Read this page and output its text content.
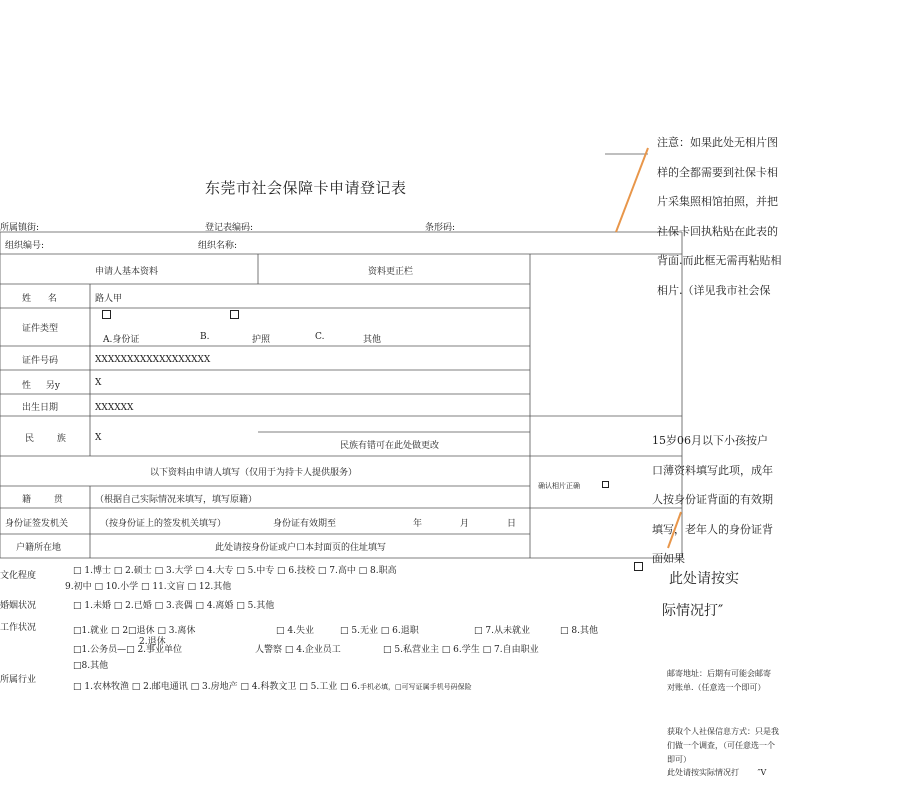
东莞市社会保障卡申请登记表
所属镇街:	登记表编码:	条形码:
组织编号:	组织名称:
申请人基本资料	资料更正栏
姓 名	路人甲
证件类型
A.身份证	B.	护照	C.	其他
证件号码	XXXXXXXXXXXXXXXXXX
性 另y	X
出生日期	XXXXXX
民 族	X
民族有错可在此处做更改
以下资料由申请人填写（仅用于为持卡人提供服务）
确认相片正确
籍 贯	（根据自己实际情况来填写，填写原籍）
身份证签发机关	（按身份证上的签发机关填写）	身份证有效期至	年	月	日
户籍所在地	此处请按身份证或户口本封面页的住址填写
文化程度	□ 1.博士 □ 2.硕士 □ 3.大学 □ 4.大专 □ 5.中专 □ 6.技校 □ 7.高中 □ 8.职高
9.初中 □ 10.小学 □ 11.文盲 □ 12.其他
婚姻状况	□ 1.未婚 □ 2.已婚 □ 3.丧偶 □ 4.离婚 □ 5.其他
工作状况	□1.就业 □ 2□退休 □ 3.离休	□ 4.失业	□ 5.无业 □ 6.退职	□ 7.从未就业	□ 8.其他
2.退休
□1.公务员—□ 2.事业单位	人警察 □ 4.企业员工	□ 5.私营业主 □ 6.学生 □ 7.自由职业
□8.其他
所属行业
□ 1.农林牧渔 □ 2.邮电通讯 □ 3.房地产 □ 4.科教文卫 □ 5.工业 □ 6.手机必填，□可写证属手机号码保险
注意：如果此处无相片图样的全都需要到社保卡相片采集照相馆拍照，并把社保卡回执粘贴在此表的背面.而此框无需再粘贴相相片.（详见我市社会保
15岁06月以下小孩按户口薄资料填写此项，成年人按身份证背面的有效期填写，老年人的身份证背面如果
此处请按实
际情况打″
邮寄地址：后期有可能会邮寄对账单.（任意选一个即可）
获取个人社保信息方式：只是我们做一个调查，（可任意选一个即可）
此处请按实际情况打 ″V
